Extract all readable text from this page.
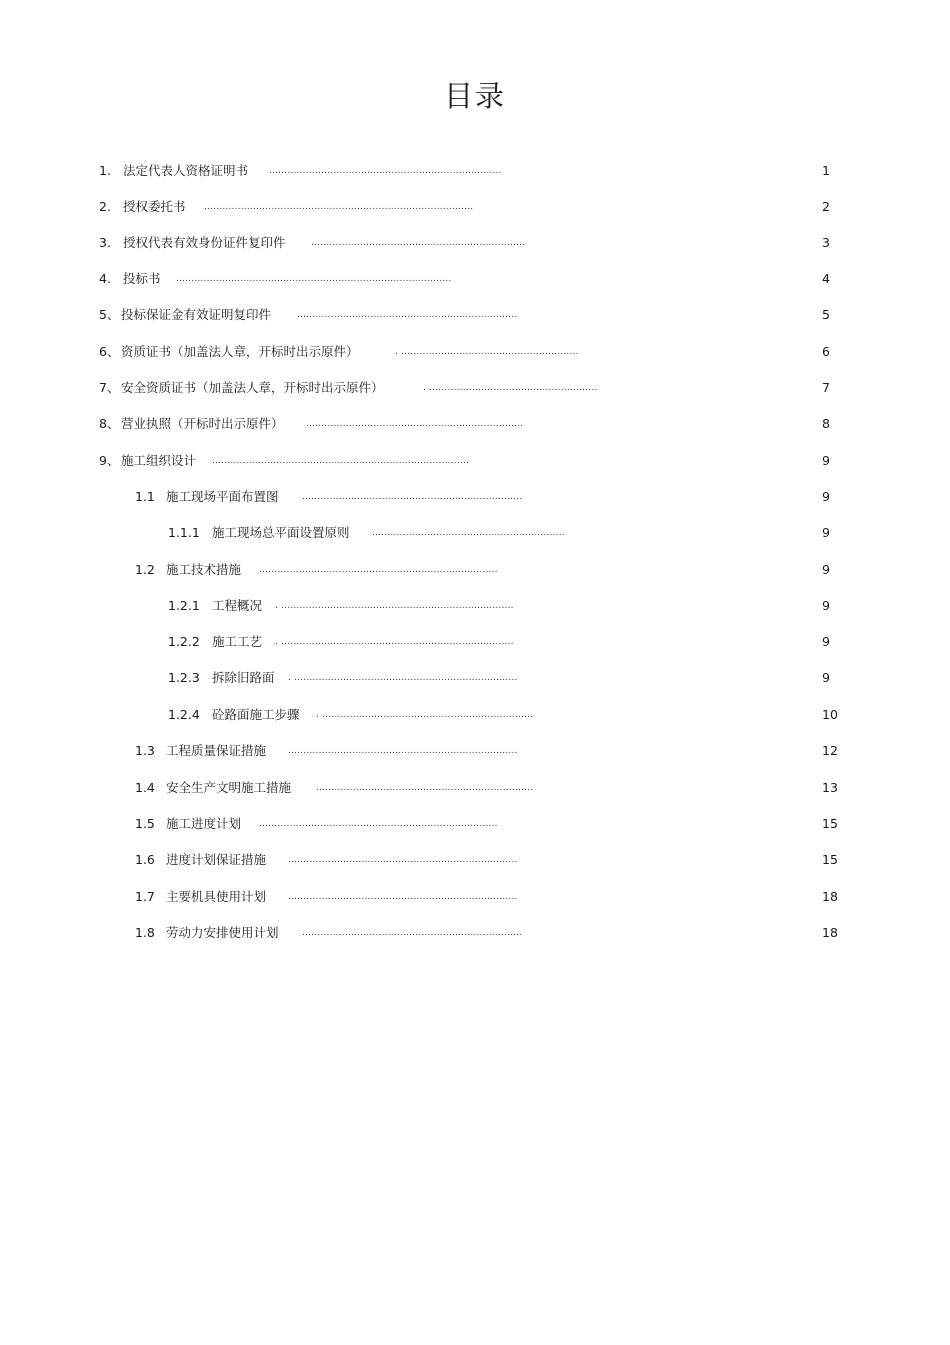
目录
1. 法定代表人资格证明书 ............................................................................	1
2. 授权委托书 ........................................................................................	2
3. 授权代表有效身份证件复印件	......................................................................	3
4. 投标书 ..........................................................................................	4
5、 投标保证金有效证明复印件	........................................................................	5
6、 资质证书（加盖法人章，开标时出示原件）	. ..........................................................	6
7、 安全资质证书（加盖法人章，开标时出示原件）	. .......................................................	7
8、 营业执照（开标时出示原件） .......................................................................	8
9、 施工组织设计 ....................................................................................	9
1.1 施工现场平面布置图	........................................................................	9
1.1.1 施工现场总平面设置原则 ...............................................................	9
1.2 施工技术措施 ..............................................................................	9
1.2.1 工程概况 . ............................................................................	9
1.2.2 施工工艺 . ............................................................................	9
1.2.3 拆除旧路面 . .........................................................................	9
1.2.4 砼路面施工步骤 . .....................................................................	10
1.3 工程质量保证措施 ...........................................................................	12
1.4 安全生产文明施工措施	.......................................................................	13
1.5 施工进度计划 ..............................................................................	15
1.6 进度计划保证措施 ...........................................................................	15
1.7 主要机具使用计划 ...........................................................................	18
1.8 劳动力安排使用计划	........................................................................	18
